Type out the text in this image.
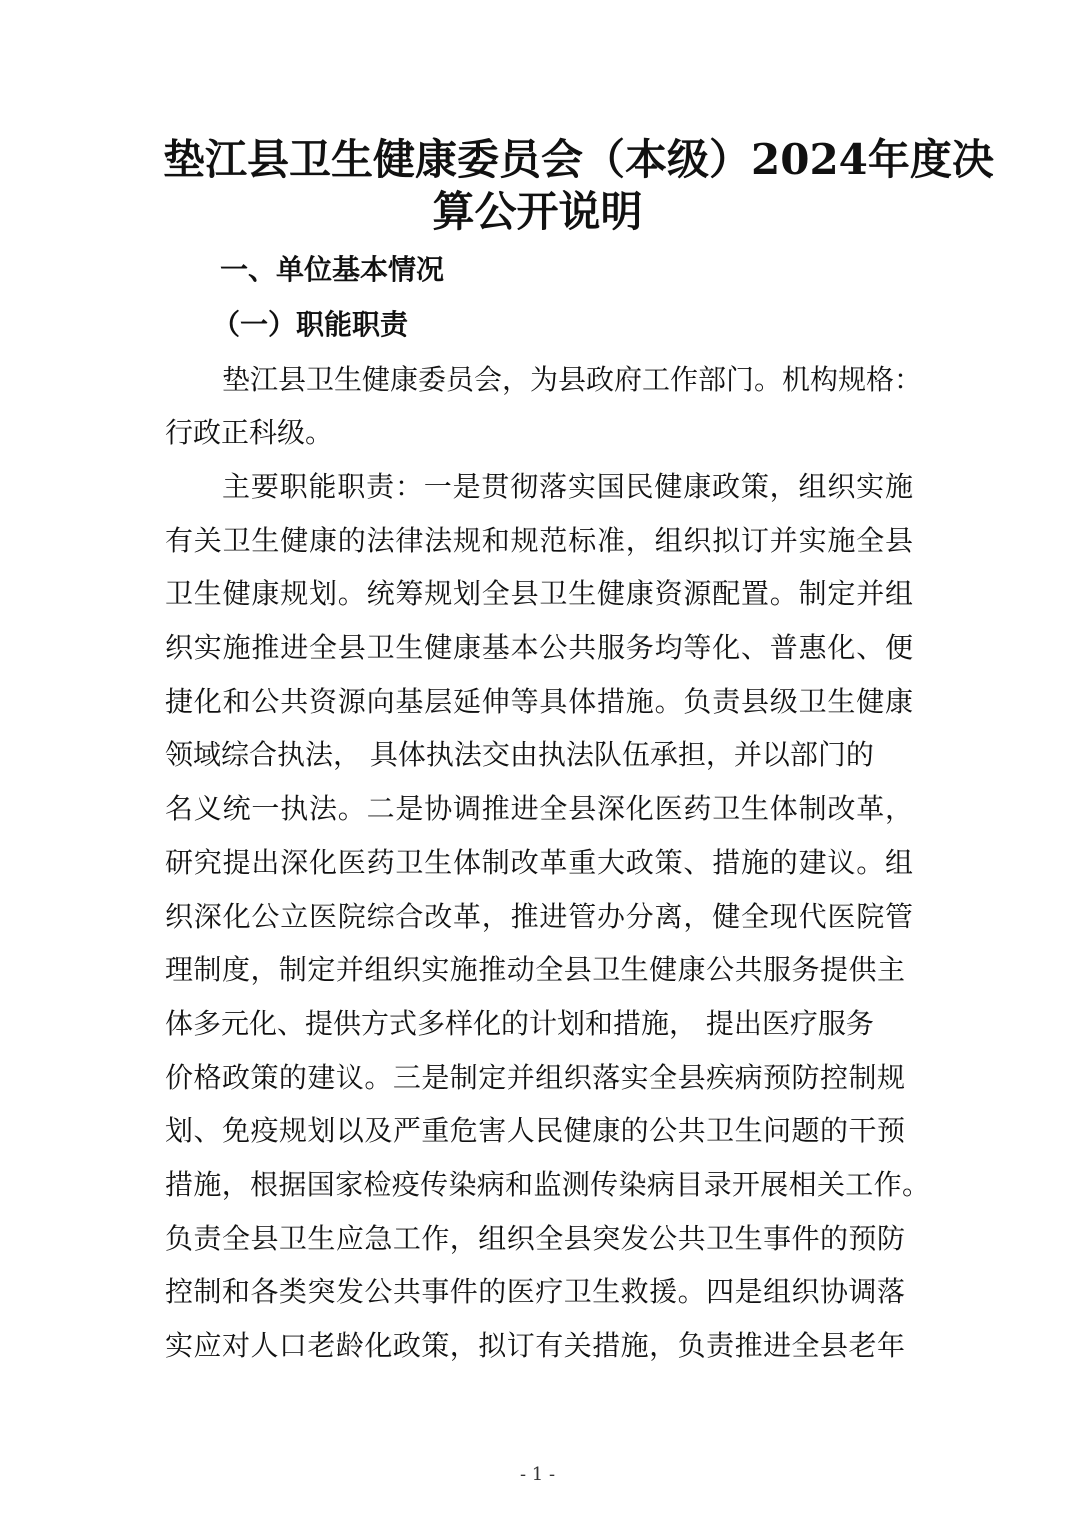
垫江县卫生健康委员会（本级）2024年度决
算公开说明
一、单位基本情况
（一）职能职责
垫江县卫生健康委员会，为县政府工作部门。机构规格：
行政正科级。
主要职能职责：一是贯彻落实国民健康政策，组织实施
有关卫生健康的法律法规和规范标准，组织拟订并实施全县
卫生健康规划。统筹规划全县卫生健康资源配置。制定并组
织实施推进全县卫生健康基本公共服务均等化、普惠化、便
捷化和公共资源向基层延伸等具体措施。负责县级卫生健康
领域综合执法， 具体执法交由执法队伍承担，并以部门的
名义统一执法。二是协调推进全县深化医药卫生体制改革，
研究提出深化医药卫生体制改革重大政策、措施的建议。组
织深化公立医院综合改革，推进管办分离，健全现代医院管
理制度，制定并组织实施推动全县卫生健康公共服务提供主
体多元化、提供方式多样化的计划和措施， 提出医疗服务
价格政策的建议。三是制定并组织落实全县疾病预防控制规
划、免疫规划以及严重危害人民健康的公共卫生问题的干预
措施，根据国家检疫传染病和监测传染病目录开展相关工作。
负责全县卫生应急工作，组织全县突发公共卫生事件的预防
控制和各类突发公共事件的医疗卫生救援。四是组织协调落
实应对人口老龄化政策，拟订有关措施，负责推进全县老年
- 1 -
